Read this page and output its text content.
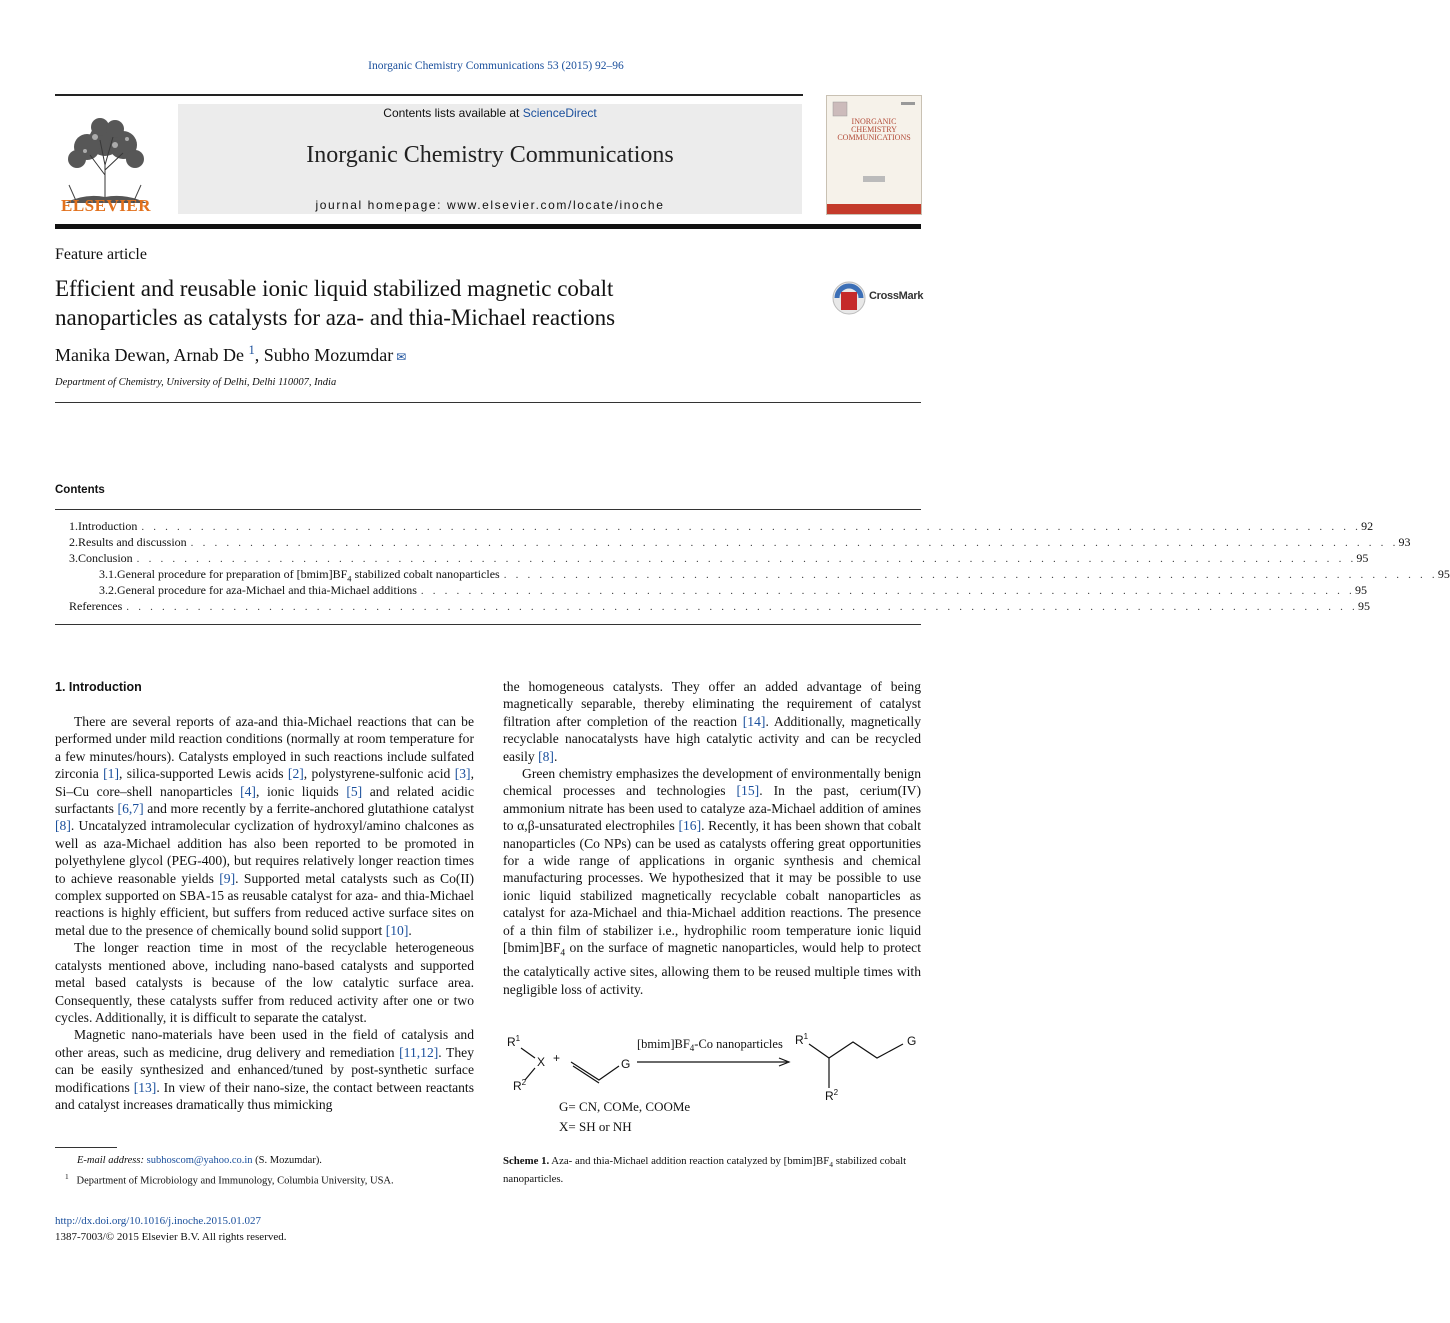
Inorganic Chemistry Communications 53 (2015) 92–96
ELSEVIER
Contents lists available at ScienceDirect
Inorganic Chemistry Communications
journal homepage: www.elsevier.com/locate/inoche
INORGANIC
CHEMISTRY
COMMUNICATIONS
Feature article
Efficient and reusable ionic liquid stabilized magnetic cobalt
nanoparticles as catalysts for aza- and thia-Michael reactions
CrossMark
Manika Dewan, Arnab De $^1$, Subho Mozumdar ✉
Department of Chemistry, University of Delhi, Delhi 110007, India
Contents
1. Introduction . . . . . . . . . . . . . . . . . . . . . . . . . . . . . . . . . . . . . . . . . . . . . . . . . . . . . . . . . . . . . . . . . . . . . . . . . . . . . . . . . . . . . . . . . . . . . . . . . . . . . . . 92
2. Results and discussion . . . . . . . . . . . . . . . . . . . . . . . . . . . . . . . . . . . . . . . . . . . . . . . . . . . . . . . . . . . . . . . . . . . . . . . . . . . . . . . . . . . . . . . . . . . . . . . . . . . . . . 93
3. Conclusion . . . . . . . . . . . . . . . . . . . . . . . . . . . . . . . . . . . . . . . . . . . . . . . . . . . . . . . . . . . . . . . . . . . . . . . . . . . . . . . . . . . . . . . . . . . . . . . . . . . . . . . 95
3.1. General procedure for preparation of $[bmim]BF_4$ stabilized cobalt nanoparticles . . . . . . . . . . . . . . . . . . . . . . . . . . . . . . . . . . . . . . . . . . . . . . . . . . . . . . . . . . . . . . . . . . . . . . . . . . . . . . . 95
3.2. General procedure for aza-Michael and thia-Michael additions . . . . . . . . . . . . . . . . . . . . . . . . . . . . . . . . . . . . . . . . . . . . . . . . . . . . . . . . . . . . . . . . . . . . . . . . . . . . . . . 95
References . . . . . . . . . . . . . . . . . . . . . . . . . . . . . . . . . . . . . . . . . . . . . . . . . . . . . . . . . . . . . . . . . . . . . . . . . . . . . . . . . . . . . . . . . . . . . . . . . . . . . . . . 95
1. Introduction

There are several reports of aza-and thia-Michael reactions that can be performed under mild reaction conditions (normally at room temperature for a few minutes/hours). Catalysts employed in such reactions include sulfated zirconia [1], silica-supported Lewis acids [2], polystyrene-sulfonic acid [3], Si–Cu core–shell nanoparticles [4], ionic liquids [5] and related acidic surfactants [6,7] and more recently by a ferrite-anchored glutathione catalyst [8]. Uncatalyzed intramolecular cyclization of hydroxyl/amino chalcones as well as aza-Michael addition has also been reported to be promoted in polyethylene glycol (PEG-400), but requires relatively longer reaction times to achieve reasonable yields [9]. Supported metal catalysts such as Co(II) complex supported on SBA-15 as reusable catalyst for aza- and thia-Michael reactions is highly efficient, but suffers from reduced active surface sites on metal due to the presence of chemically bound solid support [10].

The longer reaction time in most of the recyclable heterogeneous catalysts mentioned above, including nano-based catalysts and supported metal based catalysts is because of the low catalytic surface area. Consequently, these catalysts suffer from reduced activity after one or two cycles. Additionally, it is difficult to separate the catalyst.

Magnetic nano-materials have been used in the field of catalysis and other areas, such as medicine, drug delivery and remediation [11,12]. They can be easily synthesized and enhanced/tuned by post-synthetic surface modifications [13]. In view of their nano-size, the contact between reactants and catalyst increases dramatically thus mimicking

E-mail address: subhoscom@yahoo.co.in (S. Mozumdar).
$^1$ Department of Microbiology and Immunology, Columbia University, USA.
http://dx.doi.org/10.1016/j.inoche.2015.01.027
1387-7003/© 2015 Elsevier B.V. All rights reserved.

the homogeneous catalysts. They offer an added advantage of being magnetically separable, thereby eliminating the requirement of catalyst filtration after completion of the reaction [14]. Additionally, magnetically recyclable nanocatalysts have high catalytic activity and can be recycled easily [8].

Green chemistry emphasizes the development of environmentally benign chemical processes and technologies [15]. In the past, cerium(IV) ammonium nitrate has been used to catalyze aza-Michael addition of amines to α,β-unsaturated electrophiles [16]. Recently, it has been shown that cobalt nanoparticles (Co NPs) can be used as catalysts offering great opportunities for a wide range of applications in organic synthesis and chemical manufacturing processes. We hypothesized that it may be possible to use ionic liquid stabilized magnetically recyclable cobalt nanoparticles as catalyst for aza-Michael and thia-Michael addition reactions. The presence of a thin film of stabilizer i.e., hydrophilic room temperature ionic liquid $[bmim]BF_4$ on the surface of magnetic nanoparticles, would help to protect the catalytically active sites, allowing them to be reused multiple times with negligible loss of activity.

$R^1$
X
$R^2$
+	G
$R^1$	G
$R^2$
$[bmim]BF_4-Co$ nanoparticles
G= CN, COMe, COOMe
X= SH or NH
Scheme 1. Aza- and thia-Michael addition reaction catalyzed by $[bmim]BF_4$ stabilized cobalt nanoparticles.
